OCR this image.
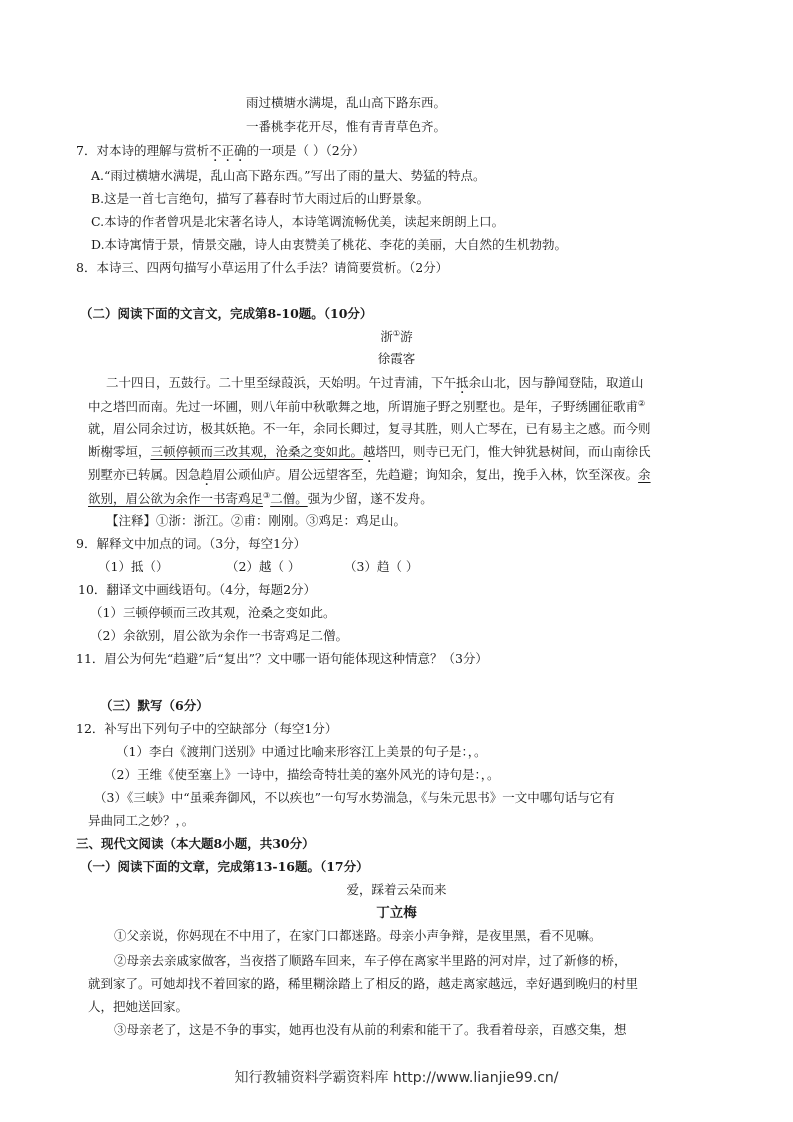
雨过横塘水满堤，乱山高下路东西。
一番桃李花开尽，惟有青青草色齐。
7．对本诗的理解与赏析不正确的一项是（ ）（2分）
A.“雨过横塘水满堤，乱山高下路东西。”写出了雨的量大、势猛的特点。
B.这是一首七言绝句，描写了暮春时节大雨过后的山野景象。
C.本诗的作者曾巩是北宋著名诗人，本诗笔调流畅优美，读起来朗朗上口。
D.本诗寓情于景，情景交融，诗人由衷赞美了桃花、李花的美丽，大自然的生机勃勃。
8．本诗三、四两句描写小草运用了什么手法？请简要赏析。（2分）
（二）阅读下面的文言文，完成第8-10题。（10分）
浙①游
徐霞客
二十四日，五鼓行。二十里至绿葭浜，天始明。午过青浦，下午抵余山北，因与静闻登陆，取道山
中之塔凹而南。先过一坏圃，则八年前中秋歌舞之地，所谓施子野之别墅也。是年，子野绣圃征歌甫②
就，眉公同余过访，极其妖艳。不一年，余同长卿过，复寻其胜，则人亡琴在，已有易主之感。而今则
断榭零垣，三顿停顿而三改其观，沧桑之变如此。越塔凹，则寺已无门，惟大钟犹悬树间，而山南徐氏
别墅亦已转属。因急趋眉公顽仙庐。眉公远望客至，先趋避；询知余，复出，挽手入林，饮至深夜。余
欲别，眉公欲为余作一书寄鸡足③二僧。强为少留，遂不发舟。
【注释】①浙：浙江。②甫：刚刚。③鸡足：鸡足山。
9．解释文中加点的词。（3分，每空1分）
（1）抵（）	（2）越（ ）	（3）趋（ ）
10．翻译文中画线语句。（4分，每题2分）
（1）三顿停顿而三改其观，沧桑之变如此。
（2）余欲别，眉公欲为余作一书寄鸡足二僧。
11．眉公为何先“趋避”后“复出”？文中哪一语句能体现这种情意？（3分）
（三）默写（6分）
12．补写出下列句子中的空缺部分（每空1分）
（1）李白《渡荆门送别》中通过比喻来形容江上美景的句子是：，。
（2）王维《使至塞上》一诗中，描绘奇特壮美的塞外风光的诗句是：，。
（3）《三峡》中“虽乘奔御风，不以疾也”一句写水势湍急，《与朱元思书》一文中哪句话与它有
异曲同工之妙？，。
三、现代文阅读（本大题8小题，共30分）
（一）阅读下面的文章，完成第13-16题。（17分）
爱，踩着云朵而来
丁立梅
①父亲说，你妈现在不中用了，在家门口都迷路。母亲小声争辩，是夜里黑，看不见嘛。
②母亲去亲戚家做客，当夜搭了顺路车回来，车子停在离家半里路的河对岸，过了新修的桥，
就到家了。可她却找不着回家的路，稀里糊涂踏上了相反的路，越走离家越远，幸好遇到晚归的村里
人，把她送回家。
③母亲老了，这是不争的事实，她再也没有从前的利索和能干了。我看着母亲，百感交集，想
知行教辅资料学霸资料库 http://www.lianjie99.cn/
